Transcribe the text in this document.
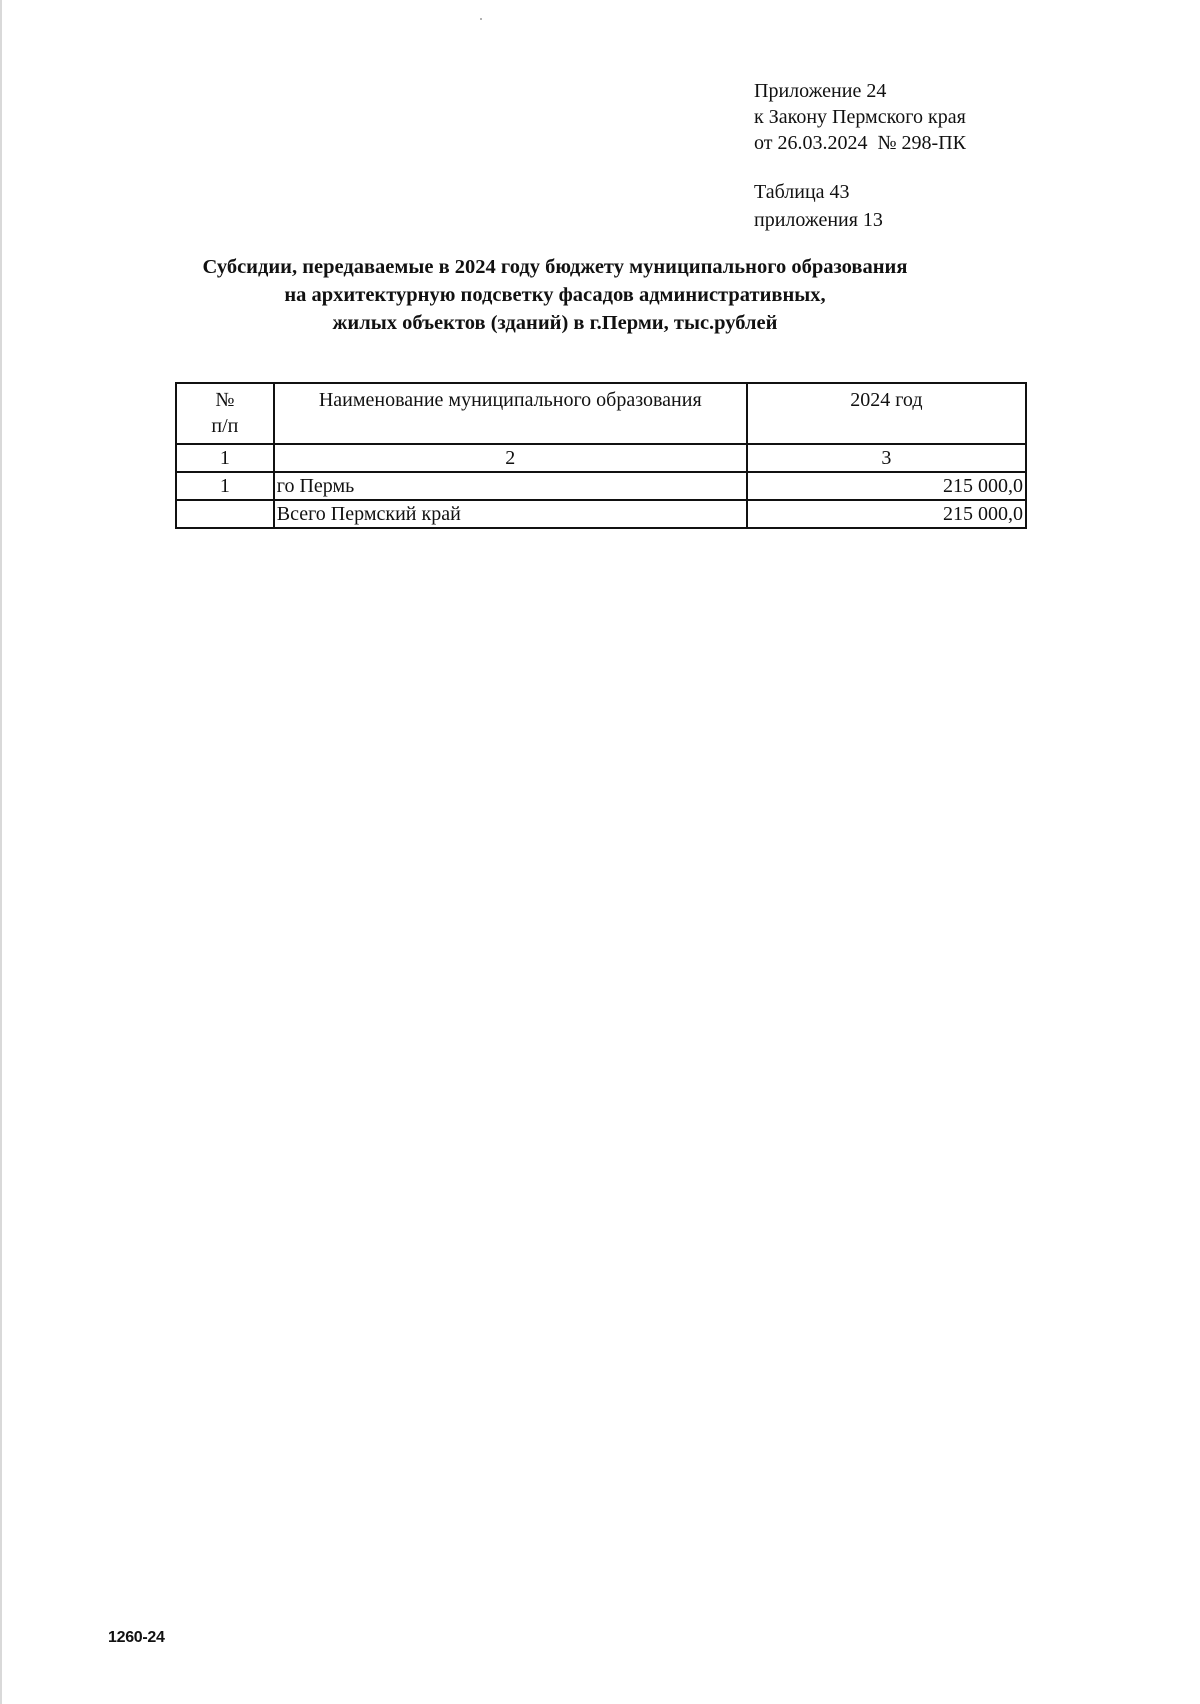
Приложение 24
к Закону Пермского края
от 26.03.2024  № 298-ПК
Таблица 43
приложения 13
Субсидии, передаваемые в 2024 году бюджету муниципального образования
на архитектурную подсветку фасадов административных,
жилых объектов (зданий) в г.Перми, тыс.рублей
№
п/п	Наименование муниципального образования	2024 год
1	2	3
1	го Пермь	215 000,0
	Всего Пермский край	215 000,0
1260-24
